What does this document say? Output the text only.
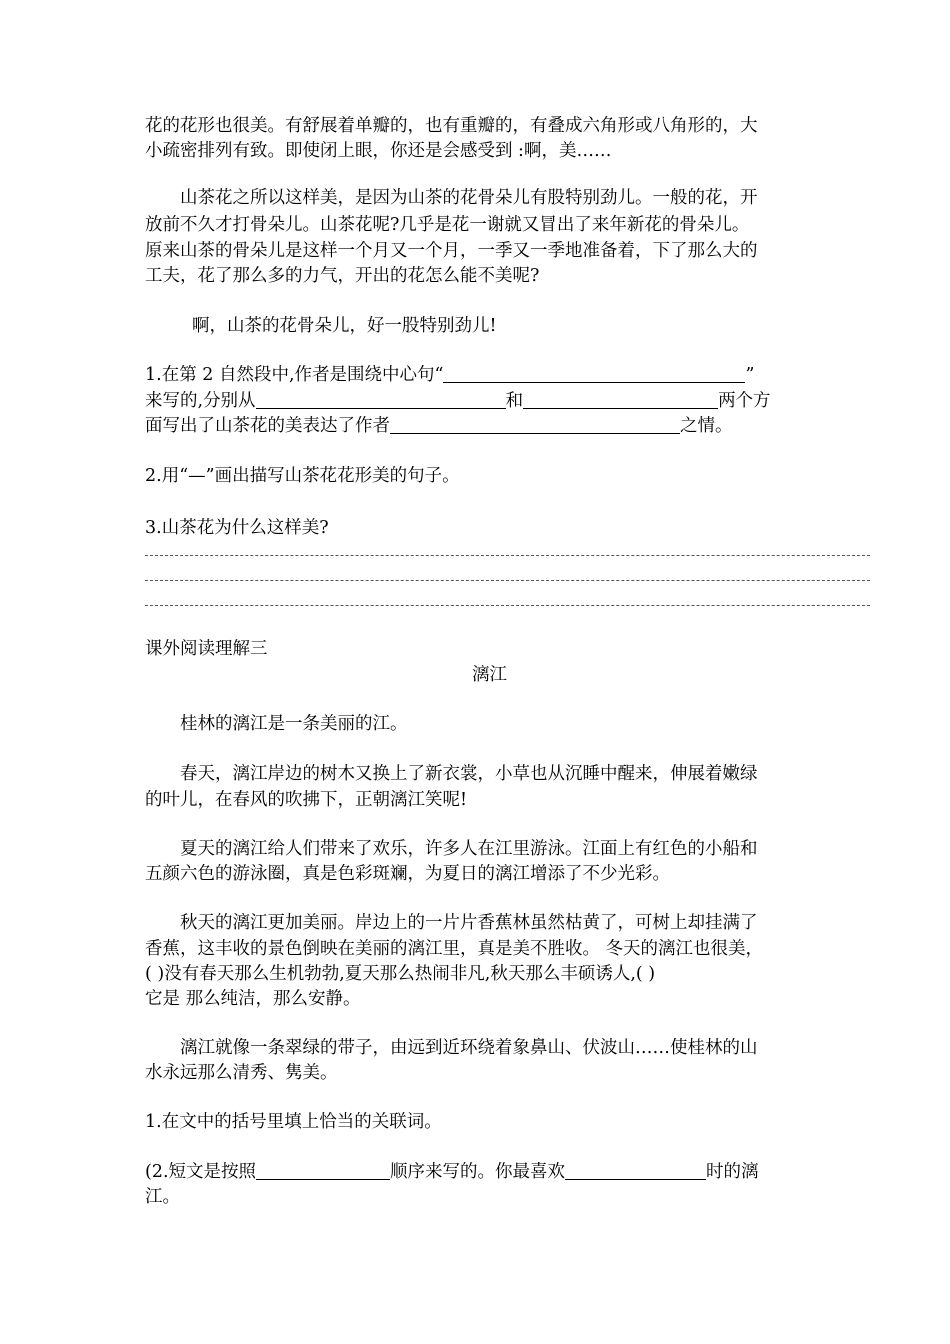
花的花形也很美。有舒展着单瓣的，也有重瓣的，有叠成六角形或八角形的，大

小疏密排列有致。即使闭上眼，你还是会感受到 :啊，美……

山茶花之所以这样美，是因为山茶的花骨朵儿有股特别劲儿。一般的花，开

放前不久才打骨朵儿。山茶花呢?几乎是花一谢就又冒出了来年新花的骨朵儿。

原来山茶的骨朵儿是这样一个月又一个月，一季又一季地准备着，下了那么大的

工夫，花了那么多的力气，开出的花怎么能不美呢?

啊，山茶的花骨朵儿，好一股特别劲儿!

1.在第 2 自然段中,作者是围绕中心句“	”

来写的,分别从	和	两个方

面写出了山茶花的美表达了作者	之情。

2.用“—”画出描写山茶花花形美的句子。

3.山茶花为什么这样美?

课外阅读理解三

漓江

桂林的漓江是一条美丽的江。

春天，漓江岸边的树木又换上了新衣裳，小草也从沉睡中醒来，伸展着嫩绿

的叶儿，在春风的吹拂下，正朝漓江笑呢!

夏天的漓江给人们带来了欢乐，许多人在江里游泳。江面上有红色的小船和

五颜六色的游泳圈，真是色彩斑斓，为夏日的漓江增添了不少光彩。

秋天的漓江更加美丽。岸边上的一片片香蕉林虽然枯黄了，可树上却挂满了

香蕉，这丰收的景色倒映在美丽的漓江里，真是美不胜收。 冬天的漓江也很美，

( )没有春天那么生机勃勃,夏天那么热闹非凡,秋天那么丰硕诱人,( )

它是 那么纯洁，那么安静。

漓江就像一条翠绿的带子，由远到近环绕着象鼻山、伏波山……使桂林的山

水永远那么清秀、隽美。

1.在文中的括号里填上恰当的关联词。

(2.短文是按照	顺序来写的。你最喜欢	时的漓

江。
